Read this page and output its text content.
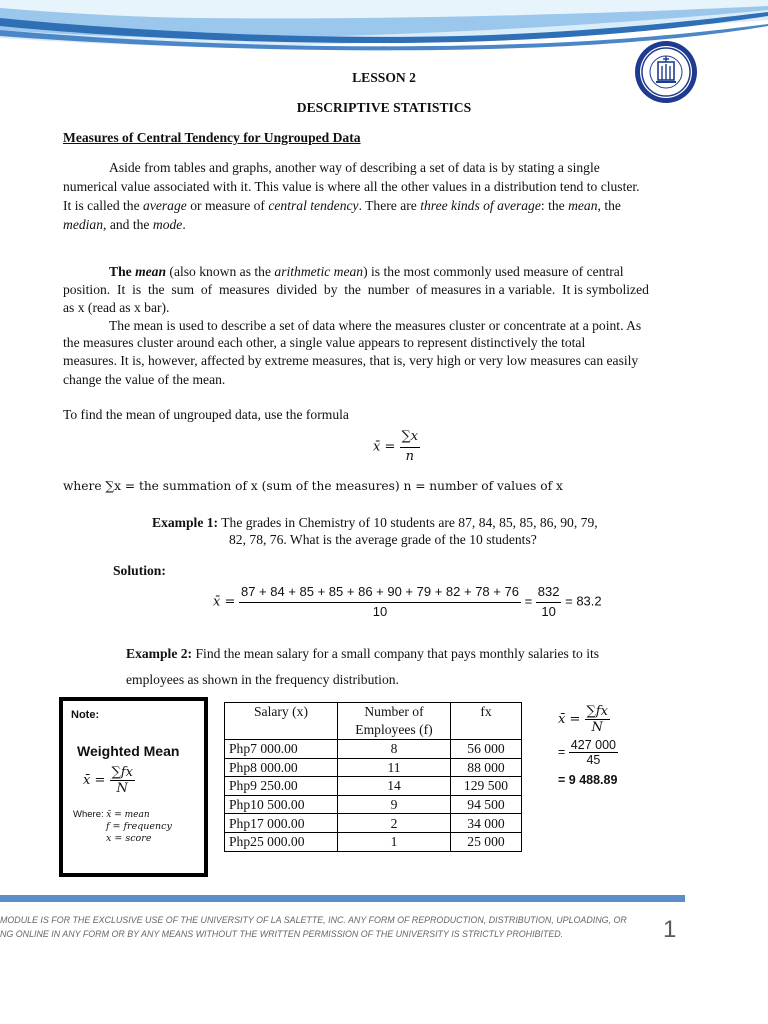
LESSON 2
DESCRIPTIVE STATISTICS
Measures of Central Tendency for Ungrouped Data
Aside from tables and graphs, another way of describing a set of data is by stating a single
numerical value associated with it. This value is where all the other values in a distribution tend to cluster.
It is called the average or measure of central tendency. There are three kinds of average: the mean, the
median, and the mode.
The mean (also known as the arithmetic mean) is the most commonly used measure of central
position.  It  is  the  sum  of  measures  divided  by  the  number  of measures in a variable.  It is symbolized
as x (read as x bar).
The mean is used to describe a set of data where the measures cluster or concentrate at a point. As
the measures cluster around each other, a single value appears to represent distinctively the total
measures. It is, however, affected by extreme measures, that is, very high or very low measures can easily
change the value of the mean.
To find the mean of ungrouped data, use the formula
x̄ = $\frac{\sum x}{n}$
where ∑x = the summation of x (sum of the measures) n = number of values of x
Example 1: The grades in Chemistry of 10 students are 87, 84, 85, 85, 86, 90, 79,
82, 78, 76. What is the average grade of the 10 students?
Solution:
x̄ = $\frac{87 + 84 + 85 + 85 + 86 + 90 + 79 + 82 + 78 + 76}{10} = \frac{832}{10} = 83.2$
Example 2: Find the mean salary for a small company that pays monthly salaries to its
employees as shown in the frequency distribution.
Note:
Weighted Mean
x̄ = $\frac{\sum fx}{N}$
Where: x̄ = mean
f = frequency
x = score
Salary (x)	Number of Employees (f)	fx
Php7 000.00	8	56 000
Php8 000.00	11	88 000
Php9 250.00	14	129 500
Php10 500.00	9	94 500
Php17 000.00	2	34 000
Php25 000.00	1	25 000
x̄ = $\frac{\sum fx}{N}$
= $\frac{427 000}{45}$
= 9 488.89
MODULE IS FOR THE EXCLUSIVE USE OF THE UNIVERSITY OF LA SALETTE, INC. ANY FORM OF REPRODUCTION, DISTRIBUTION, UPLOADING, OR
NG ONLINE IN ANY FORM OR BY ANY MEANS WITHOUT THE WRITTEN PERMISSION OF THE UNIVERSITY IS STRICTLY PROHIBITED.	1
